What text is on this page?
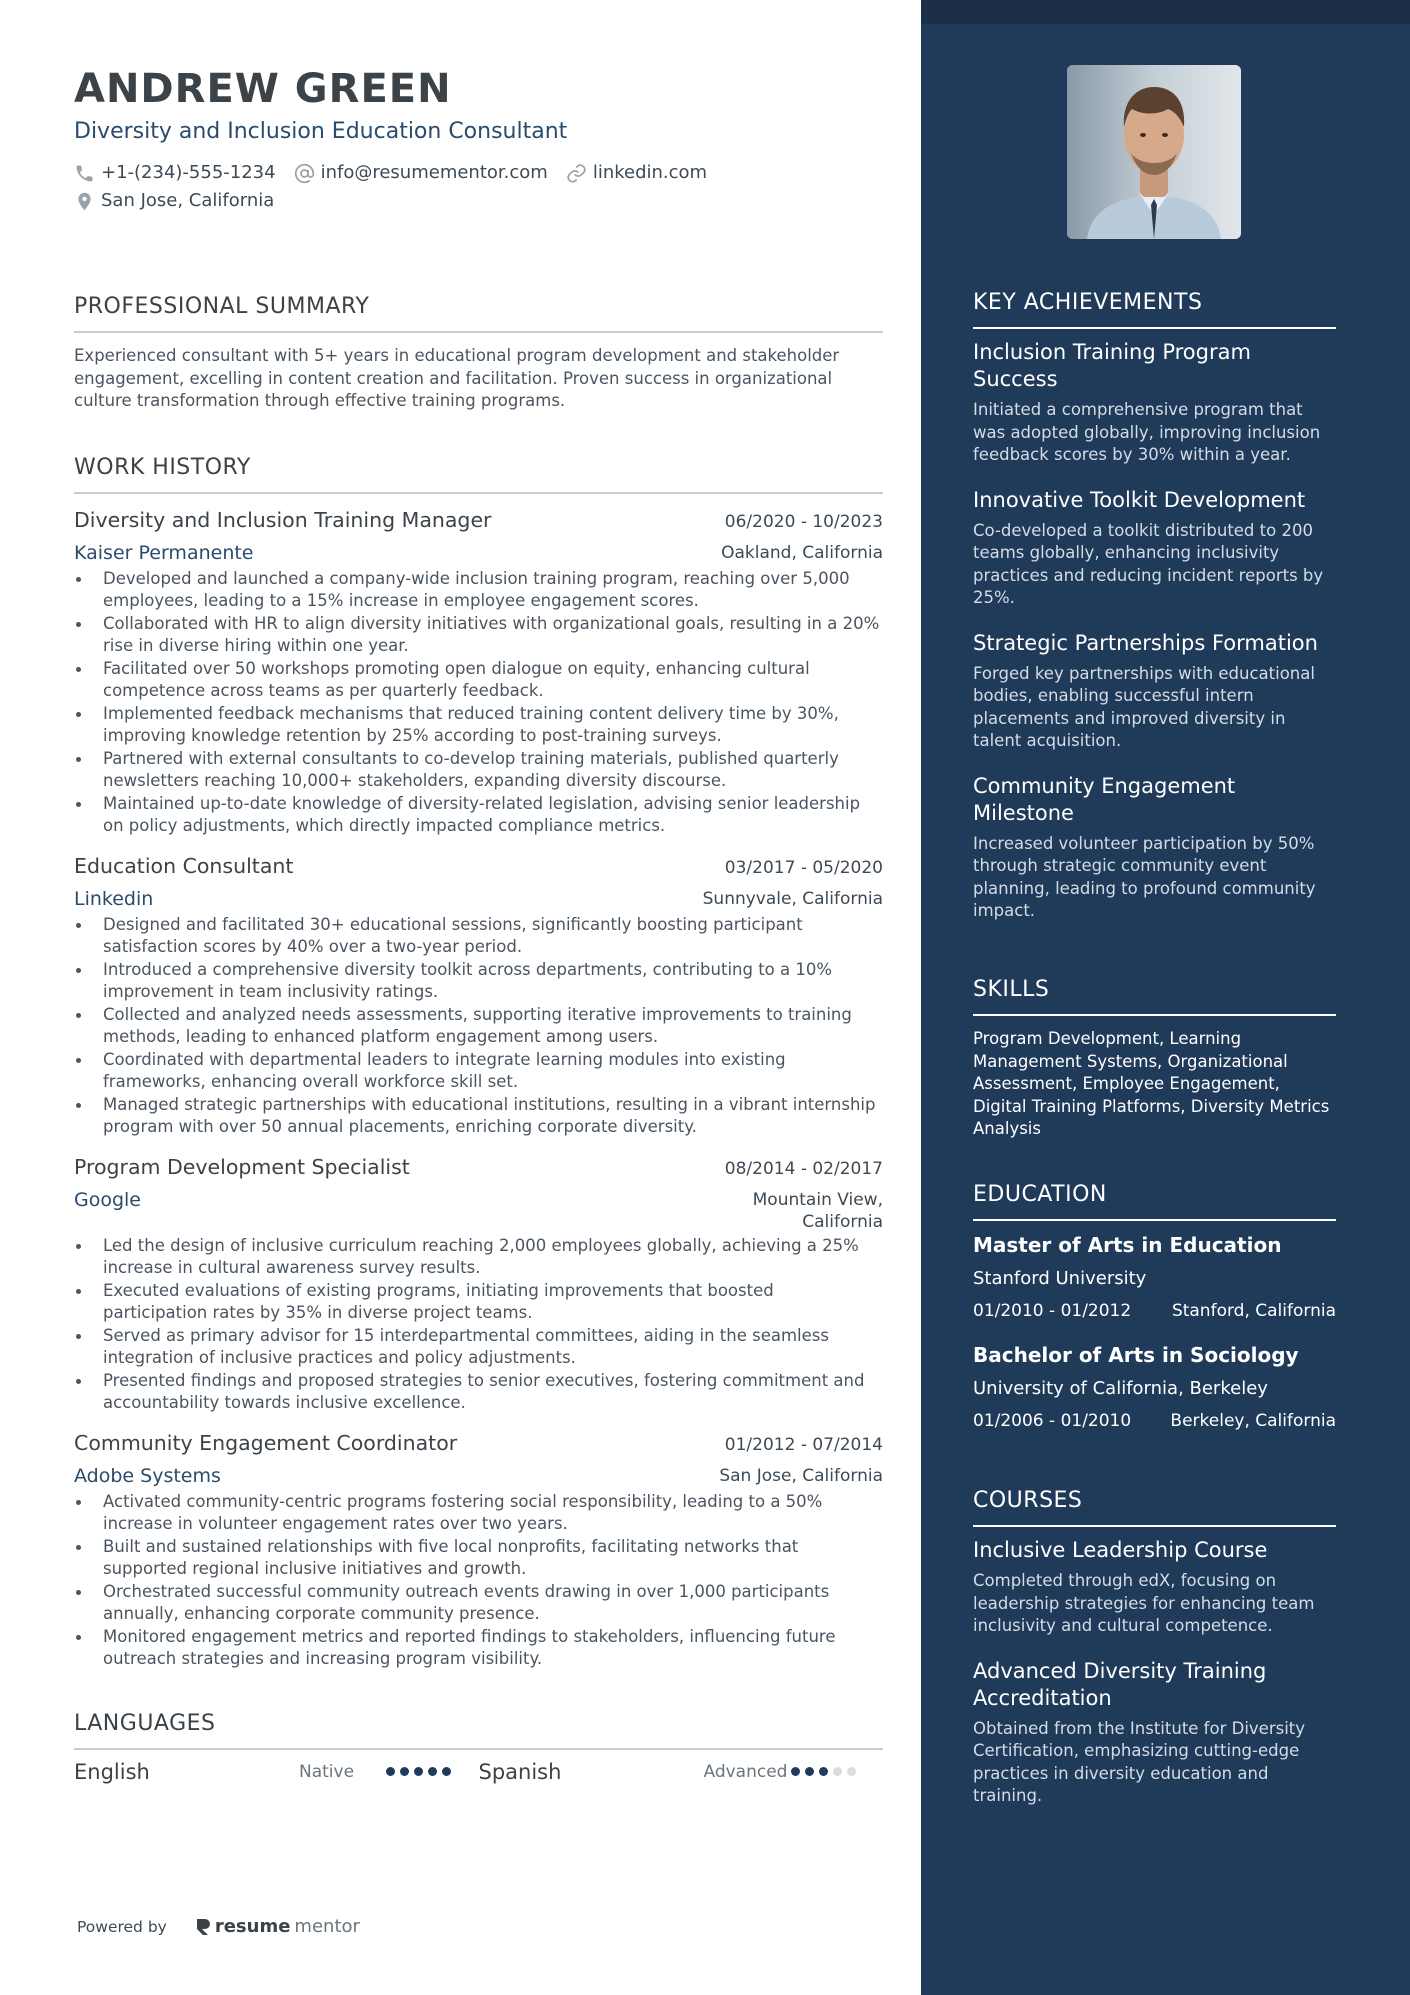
ANDREW GREEN
Diversity and Inclusion Education Consultant
+1-(234)-555-1234	info@resumementor.com	linkedin.com
San Jose, California
PROFESSIONAL SUMMARY
Experienced consultant with 5+ years in educational program development and stakeholder engagement, excelling in content creation and facilitation. Proven success in organizational culture transformation through effective training programs.
WORK HISTORY
Diversity and Inclusion Training Manager	06/2020 - 10/2023
Kaiser Permanente	Oakland, California
Developed and launched a company-wide inclusion training program, reaching over 5,000 employees, leading to a 15% increase in employee engagement scores.
Collaborated with HR to align diversity initiatives with organizational goals, resulting in a 20% rise in diverse hiring within one year.
Facilitated over 50 workshops promoting open dialogue on equity, enhancing cultural competence across teams as per quarterly feedback.
Implemented feedback mechanisms that reduced training content delivery time by 30%, improving knowledge retention by 25% according to post-training surveys.
Partnered with external consultants to co-develop training materials, published quarterly newsletters reaching 10,000+ stakeholders, expanding diversity discourse.
Maintained up-to-date knowledge of diversity-related legislation, advising senior leadership on policy adjustments, which directly impacted compliance metrics.
Education Consultant	03/2017 - 05/2020
Linkedin	Sunnyvale, California
Designed and facilitated 30+ educational sessions, significantly boosting participant satisfaction scores by 40% over a two-year period.
Introduced a comprehensive diversity toolkit across departments, contributing to a 10% improvement in team inclusivity ratings.
Collected and analyzed needs assessments, supporting iterative improvements to training methods, leading to enhanced platform engagement among users.
Coordinated with departmental leaders to integrate learning modules into existing frameworks, enhancing overall workforce skill set.
Managed strategic partnerships with educational institutions, resulting in a vibrant internship program with over 50 annual placements, enriching corporate diversity.
Program Development Specialist	08/2014 - 02/2017
Google	Mountain View, California
Led the design of inclusive curriculum reaching 2,000 employees globally, achieving a 25% increase in cultural awareness survey results.
Executed evaluations of existing programs, initiating improvements that boosted participation rates by 35% in diverse project teams.
Served as primary advisor for 15 interdepartmental committees, aiding in the seamless integration of inclusive practices and policy adjustments.
Presented findings and proposed strategies to senior executives, fostering commitment and accountability towards inclusive excellence.
Community Engagement Coordinator	01/2012 - 07/2014
Adobe Systems	San Jose, California
Activated community-centric programs fostering social responsibility, leading to a 50% increase in volunteer engagement rates over two years.
Built and sustained relationships with five local nonprofits, facilitating networks that supported regional inclusive initiatives and growth.
Orchestrated successful community outreach events drawing in over 1,000 participants annually, enhancing corporate community presence.
Monitored engagement metrics and reported findings to stakeholders, influencing future outreach strategies and increasing program visibility.
LANGUAGES
English	Native	Spanish	Advanced
Powered by	resume mentor
KEY ACHIEVEMENTS
Inclusion Training Program Success
Initiated a comprehensive program that was adopted globally, improving inclusion feedback scores by 30% within a year.
Innovative Toolkit Development
Co-developed a toolkit distributed to 200 teams globally, enhancing inclusivity practices and reducing incident reports by 25%.
Strategic Partnerships Formation
Forged key partnerships with educational bodies, enabling successful intern placements and improved diversity in talent acquisition.
Community Engagement Milestone
Increased volunteer participation by 50% through strategic community event planning, leading to profound community impact.
SKILLS
Program Development, Learning Management Systems, Organizational Assessment, Employee Engagement, Digital Training Platforms, Diversity Metrics Analysis
EDUCATION
Master of Arts in Education
Stanford University
01/2010 - 01/2012 Stanford, California
Bachelor of Arts in Sociology
University of California, Berkeley
01/2006 - 01/2010 Berkeley, California
COURSES
Inclusive Leadership Course
Completed through edX, focusing on leadership strategies for enhancing team inclusivity and cultural competence.
Advanced Diversity Training Accreditation
Obtained from the Institute for Diversity Certification, emphasizing cutting-edge practices in diversity education and training.
